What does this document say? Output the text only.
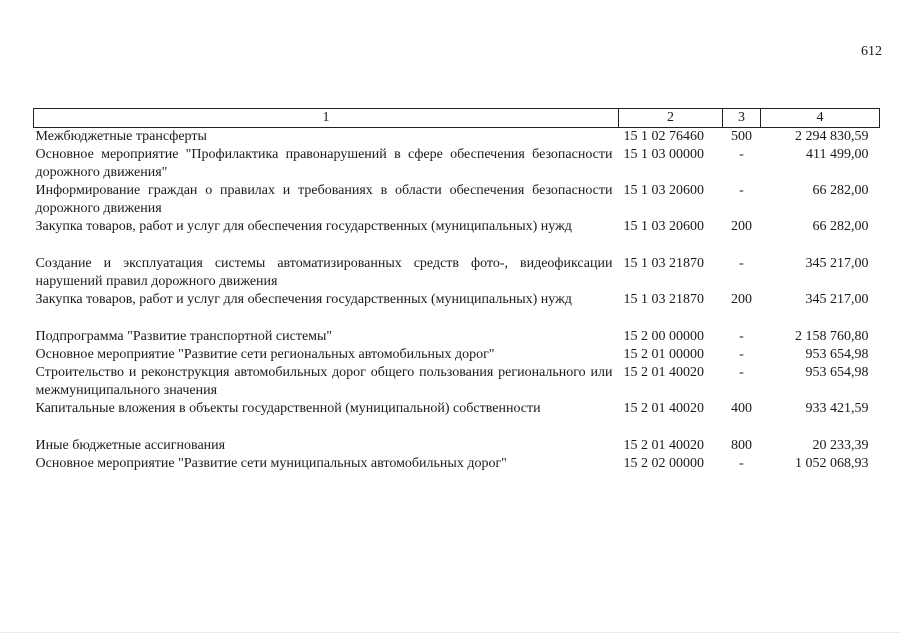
612
1	2	3	4
Межбюджетные трансферты	15 1 02 76460	500	2 294 830,59
Основное мероприятие "Профилактика правонарушений в сфере обеспечения безопасности дорожного движения"	15 1 03 00000	-	411 499,00
Информирование граждан о правилах и требованиях в области обеспечения безопасности дорожного движения	15 1 03 20600	-	66 282,00
Закупка товаров, работ и услуг для обеспечения государственных (муниципальных) нужд	15 1 03 20600	200	66 282,00
Создание и эксплуатация системы автоматизированных средств фото-, видеофиксации нарушений правил дорожного движения	15 1 03 21870	-	345 217,00
Закупка товаров, работ и услуг для обеспечения государственных (муниципальных) нужд	15 1 03 21870	200	345 217,00
Подпрограмма "Развитие транспортной системы"	15 2 00 00000	-	2 158 760,80
Основное мероприятие "Развитие сети региональных автомобильных дорог"	15 2 01 00000	-	953 654,98
Строительство и реконструкция автомобильных дорог общего пользования регионального или межмуниципального значения	15 2 01 40020	-	953 654,98
Капитальные вложения в объекты государственной (муниципальной) собственности	15 2 01 40020	400	933 421,59
Иные бюджетные ассигнования	15 2 01 40020	800	20 233,39
Основное мероприятие "Развитие сети муниципальных автомобильных дорог"	15 2 02 00000	-	1 052 068,93
